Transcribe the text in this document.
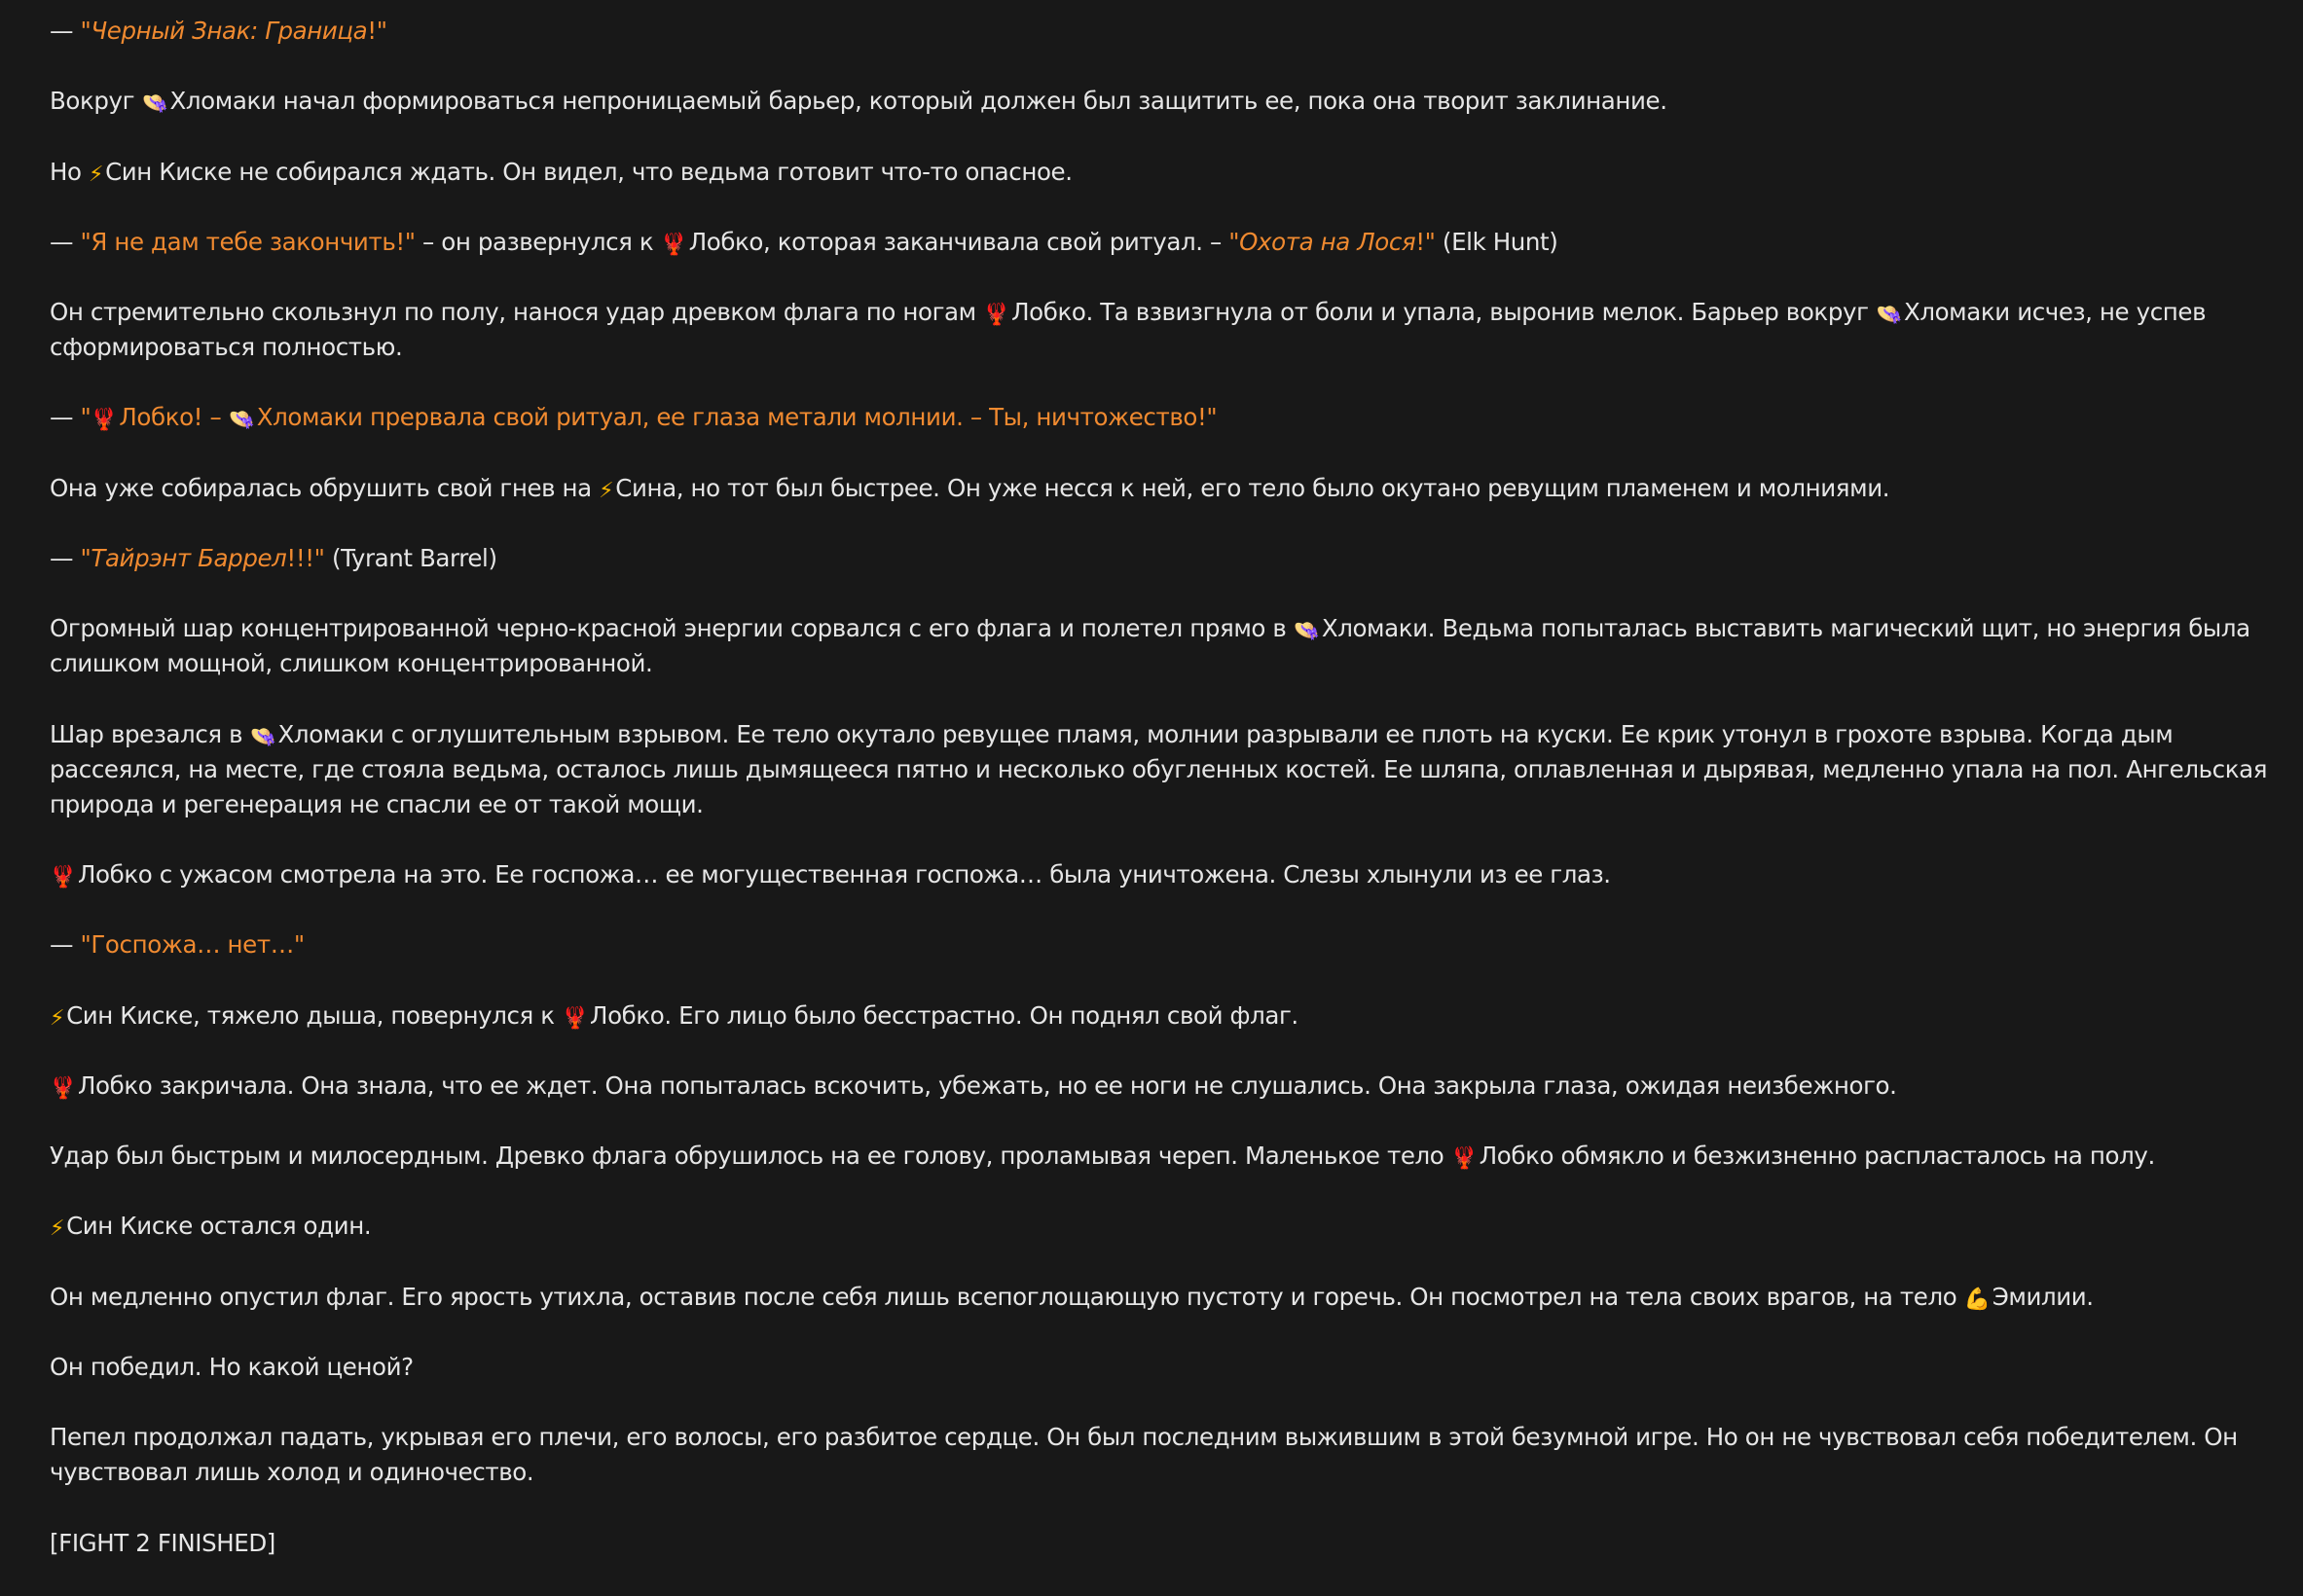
— "Черный Знак: Граница!"

Вокруг 👒Хломаки начал формироваться непроницаемый барьер, который должен был защитить ее, пока она творит заклинание.

Но ⚡Син Киске не собирался ждать. Он видел, что ведьма готовит что-то опасное.

— "Я не дам тебе закончить!" – он развернулся к 🦞Лобко, которая заканчивала свой ритуал. – "Охота на Лося!" (Elk Hunt)

Он стремительно скользнул по полу, нанося удар древком флага по ногам 🦞Лобко. Та взвизгнула от боли и упала, выронив мелок. Барьер вокруг 👒Хломаки исчез, не успев сформироваться полностью.

— "🦞Лобко! – 👒Хломаки прервала свой ритуал, ее глаза метали молнии. – Ты, ничтожество!"

Она уже собиралась обрушить свой гнев на ⚡Сина, но тот был быстрее. Он уже несся к ней, его тело было окутано ревущим пламенем и молниями.

— "Тайрэнт Баррел!!!" (Tyrant Barrel)

Огромный шар концентрированной черно-красной энергии сорвался с его флага и полетел прямо в 👒Хломаки. Ведьма попыталась выставить магический щит, но энергия была слишком мощной, слишком концентрированной.

Шар врезался в 👒Хломаки с оглушительным взрывом. Ее тело окутало ревущее пламя, молнии разрывали ее плоть на куски. Ее крик утонул в грохоте взрыва. Когда дым рассеялся, на месте, где стояла ведьма, осталось лишь дымящееся пятно и несколько обугленных костей. Ее шляпа, оплавленная и дырявая, медленно упала на пол. Ангельская природа и регенерация не спасли ее от такой мощи.

🦞Лобко с ужасом смотрела на это. Ее госпожа… ее могущественная госпожа… была уничтожена. Слезы хлынули из ее глаз.

— "Госпожа… нет…"

⚡Син Киске, тяжело дыша, повернулся к 🦞Лобко. Его лицо было бесстрастно. Он поднял свой флаг.

🦞Лобко закричала. Она знала, что ее ждет. Она попыталась вскочить, убежать, но ее ноги не слушались. Она закрыла глаза, ожидая неизбежного.

Удар был быстрым и милосердным. Древко флага обрушилось на ее голову, проламывая череп. Маленькое тело 🦞Лобко обмякло и безжизненно распласталось на полу.

⚡Син Киске остался один.

Он медленно опустил флаг. Его ярость утихла, оставив после себя лишь всепоглощающую пустоту и горечь. Он посмотрел на тела своих врагов, на тело 💪Эмилии.

Он победил. Но какой ценой?

Пепел продолжал падать, укрывая его плечи, его волосы, его разбитое сердце. Он был последним выжившим в этой безумной игре. Но он не чувствовал себя победителем. Он чувствовал лишь холод и одиночество.

[FIGHT 2 FINISHED]
